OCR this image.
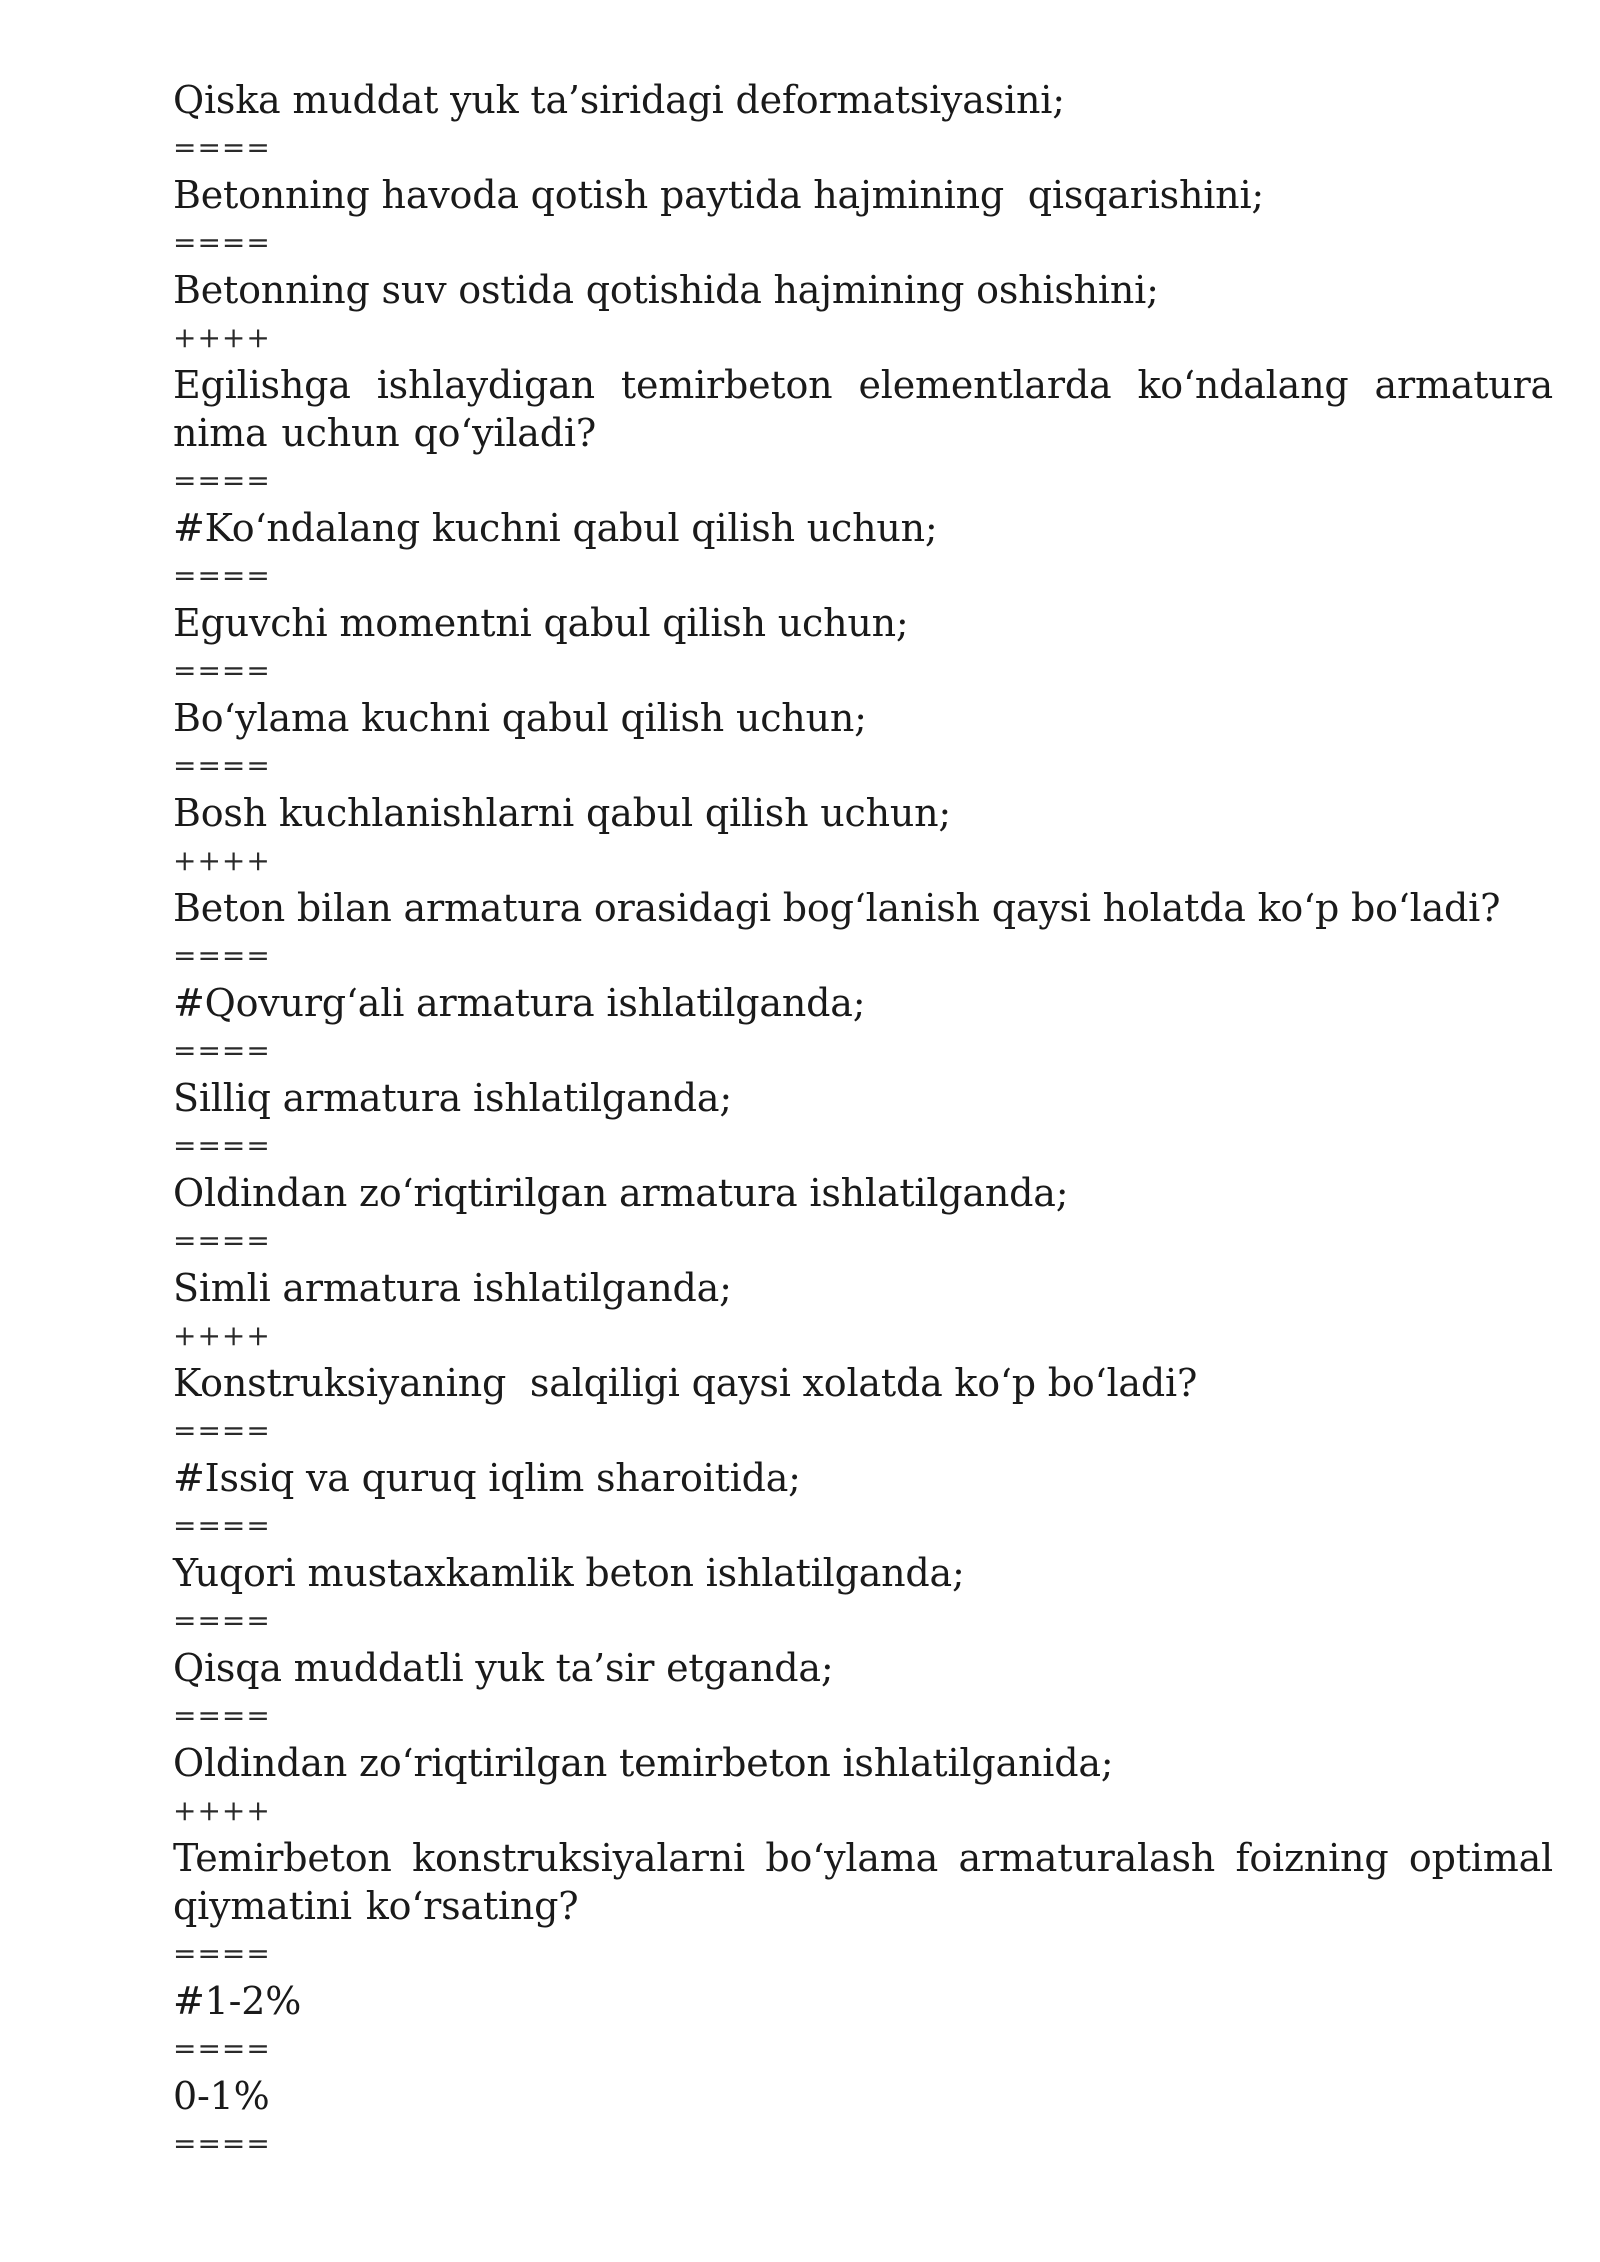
Qiska muddat yuk ta’siridagi deformatsiyasini;
====
Betonning havoda qotish paytida hajmining  qisqarishini;
====
Betonning suv ostida qotishida hajmining oshishini;
++++
Egilishga ishlaydigan temirbeton elementlarda ko‘ndalang armatura nima uchun qo‘yiladi?
====
#Ko‘ndalang kuchni qabul qilish uchun;
====
Eguvchi momentni qabul qilish uchun;
====
Bo‘ylama kuchni qabul qilish uchun;
====
Bosh kuchlanishlarni qabul qilish uchun;
++++
Beton bilan armatura orasidagi bog‘lanish qaysi holatda ko‘p bo‘ladi?
====
#Qovurg‘ali armatura ishlatilganda;
====
Silliq armatura ishlatilganda;
====
Oldindan zo‘riqtirilgan armatura ishlatilganda;
====
Simli armatura ishlatilganda;
++++
Konstruksiyaning  salqiligi qaysi xolatda ko‘p bo‘ladi?
====
#Issiq va quruq iqlim sharoitida;
====
Yuqori mustaxkamlik beton ishlatilganda;
====
Qisqa muddatli yuk ta’sir etganda;
====
Oldindan zo‘riqtirilgan temirbeton ishlatilganida;
++++
Temirbeton konstruksiyalarni bo‘ylama armaturalash foizning optimal qiymatini ko‘rsating?
====
#1-2%
====
0-1%
====
